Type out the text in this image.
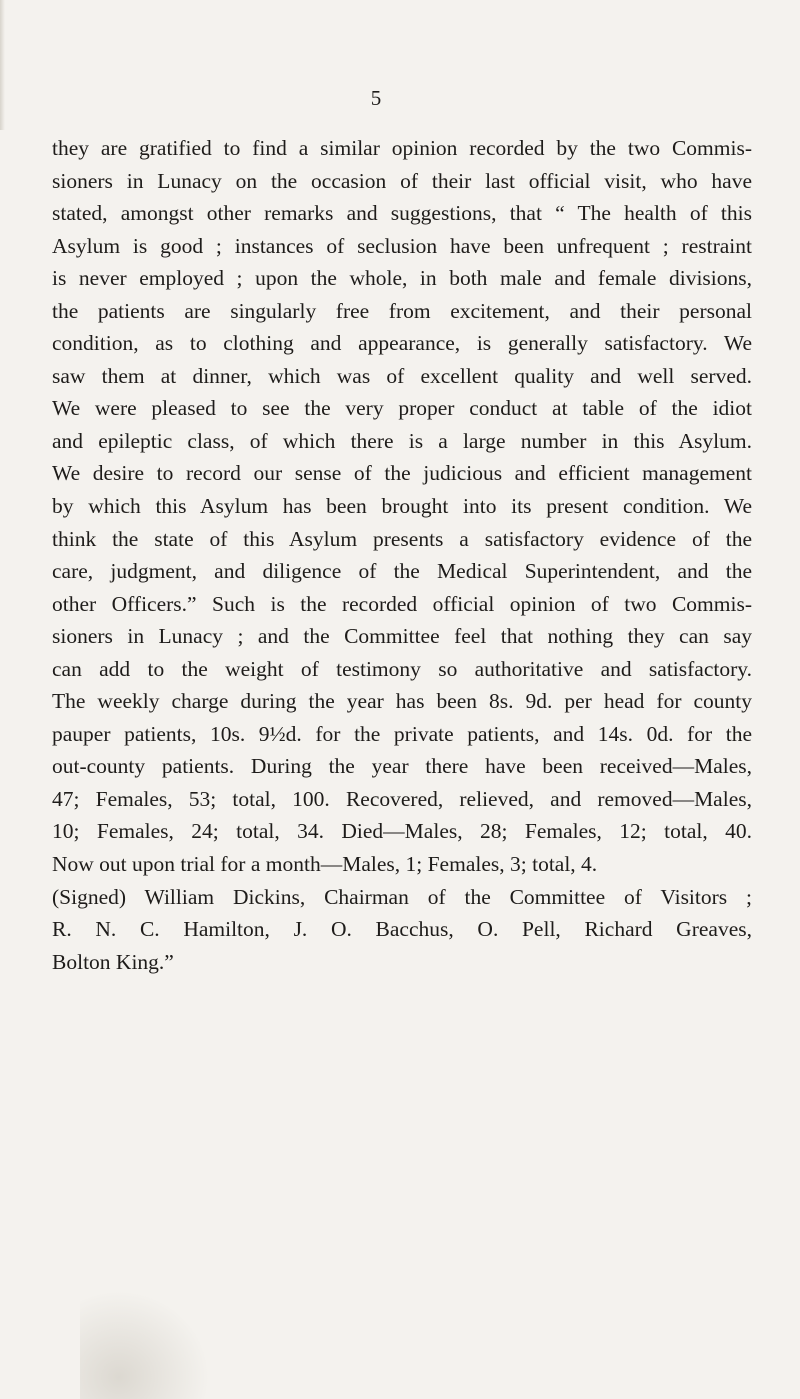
5
they are gratified to find a similar opinion recorded by the two Commis-
sioners in Lunacy on the occasion of their last official visit, who have
stated, amongst other remarks and suggestions, that “ The health of this
Asylum is good ; instances of seclusion have been unfrequent ; restraint
is never employed ; upon the whole, in both male and female divisions,
the patients are singularly free from excitement, and their personal
condition, as to clothing and appearance, is generally satisfactory. We
saw them at dinner, which was of excellent quality and well served.
We were pleased to see the very proper conduct at table of the idiot
and epileptic class, of which there is a large number in this Asylum.
We desire to record our sense of the judicious and efficient management
by which this Asylum has been brought into its present condition. We
think the state of this Asylum presents a satisfactory evidence of the
care, judgment, and diligence of the Medical Superintendent, and the
other Officers.” Such is the recorded official opinion of two Commis-
sioners in Lunacy ; and the Committee feel that nothing they can say
can add to the weight of testimony so authoritative and satisfactory.
The weekly charge during the year has been 8s. 9d. per head for county
pauper patients, 10s. 9½d. for the private patients, and 14s. 0d. for the
out-county patients. During the year there have been received—Males,
47; Females, 53; total, 100. Recovered, relieved, and removed—Males,
10; Females, 24; total, 34. Died—Males, 28; Females, 12; total, 40.
Now out upon trial for a month—Males, 1; Females, 3; total, 4.
(Signed) William Dickins, Chairman of the Committee of Visitors ;
R. N. C. Hamilton, J. O. Bacchus, O. Pell, Richard Greaves,
Bolton King.”
